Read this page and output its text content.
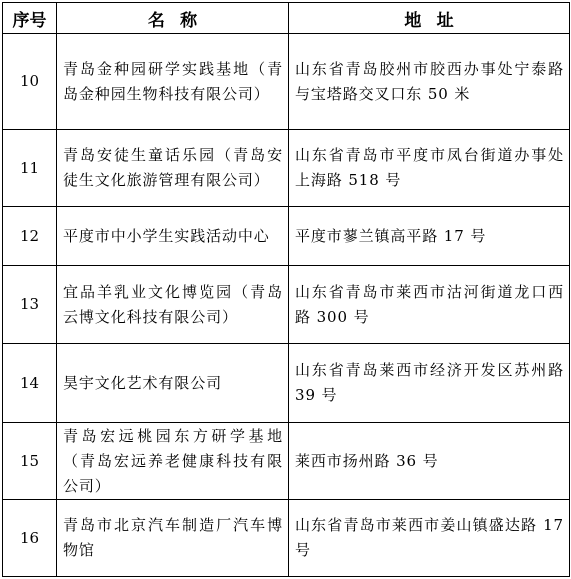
序号	名称	地址
10	青岛金种园研学实践基地（青岛金种园生物科技有限公司）	山东省青岛胶州市胶西办事处宁泰路与宝塔路交叉口东 50 米
11	青岛安徒生童话乐园（青岛安徒生文化旅游管理有限公司）	山东省青岛市平度市凤台街道办事处上海路 518 号
12	平度市中小学生实践活动中心	平度市蓼兰镇高平路 17 号
13	宜品羊乳业文化博览园（青岛云博文化科技有限公司）	山东省青岛市莱西市沽河街道龙口西路 300 号
14	昊宇文化艺术有限公司	山东省青岛莱西市经济开发区苏州路 39 号
15	青岛宏远桃园东方研学基地（青岛宏远养老健康科技有限公司）	莱西市扬州路 36 号
16	青岛市北京汽车制造厂汽车博物馆	山东省青岛市莱西市姜山镇盛达路 17 号
